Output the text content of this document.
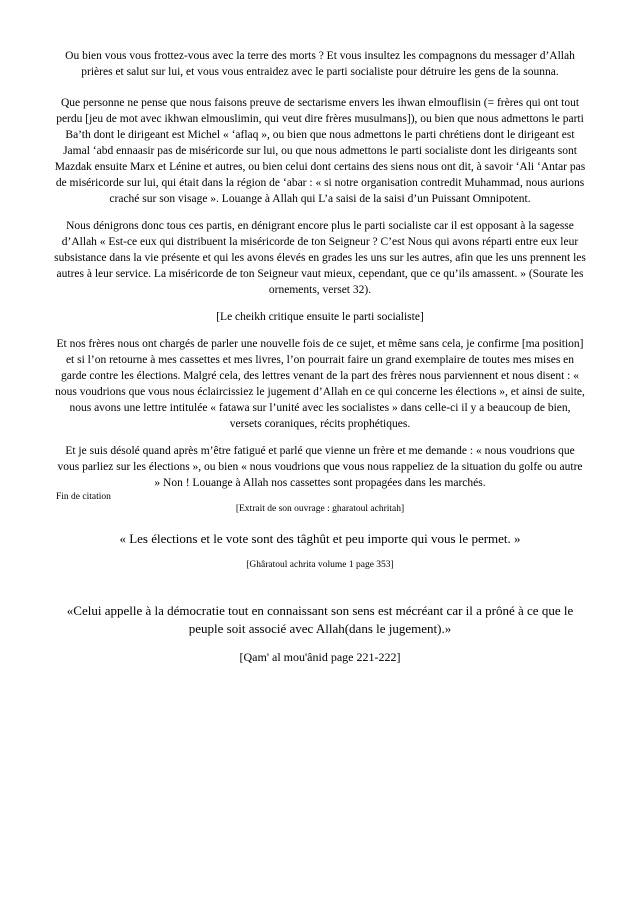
Ou bien vous vous frottez-vous avec la terre des morts ? Et vous insultez les compagnons du messager d’Allah prières et salut sur lui, et vous vous entraidez avec le parti socialiste pour détruire les gens de la sounna.

Que personne ne pense que nous faisons preuve de sectarisme envers les ihwan elmouflisin (= frères qui ont tout perdu [jeu de mot avec ikhwan elmouslimin, qui veut dire frères musulmans]), ou bien que nous admettons le parti Ba’th dont le dirigeant est Michel « ‘aflaq », ou bien que nous admettons le parti chrétiens dont le dirigeant est Jamal ‘abd ennaasir pas de miséricorde sur lui, ou que nous admettons le parti socialiste dont les dirigeants sont Mazdak ensuite Marx et Lénine et autres, ou bien celui dont certains des siens nous ont dit, à savoir ‘Ali ‘Antar pas de miséricorde sur lui, qui était dans la région de ‘abar : « si notre organisation contredit Muhammad, nous aurions craché sur son visage ». Louange à Allah qui L’a saisi de la saisi d’un Puissant Omnipotent.

Nous dénigrons donc tous ces partis, en dénigrant encore plus le parti socialiste car il est opposant à la sagesse d’Allah « Est-ce eux qui distribuent la miséricorde de ton Seigneur ? C’est Nous qui avons réparti entre eux leur subsistance dans la vie présente et qui les avons élevés en grades les uns sur les autres, afin que les uns prennent les autres à leur service. La miséricorde de ton Seigneur vaut mieux, cependant, que ce qu’ils amassent. » (Sourate les ornements, verset 32).

[Le cheikh critique ensuite le parti socialiste]

Et nos frères nous ont chargés de parler une nouvelle fois de ce sujet, et même sans cela, je confirme [ma position] et si l’on retourne à mes cassettes et mes livres, l’on pourrait faire un grand exemplaire de toutes mes mises en garde contre les élections. Malgré cela, des lettres venant de la part des frères nous parviennent et nous disent : « nous voudrions que vous nous éclaircissiez le jugement d’Allah en ce qui concerne les élections », et ainsi de suite, nous avons une lettre intitulée « fatawa sur l’unité avec les socialistes » dans celle-ci il y a beaucoup de bien, versets coraniques, récits prophétiques.

Et je suis désolé quand après m’être fatigué et parlé que vienne un frère et me demande : « nous voudrions que vous parliez sur les élections », ou bien « nous voudrions que vous nous rappeliez de la situation du golfe ou autre » Non ! Louange à Allah nos cassettes sont propagées dans les marchés.

Fin de citation

[Extrait de son ouvrage : gharatoul achritah]

« Les élections et le vote sont des tâghût et peu importe qui vous le permet. »

[Ghâratoul achrita volume 1 page 353]

«Celui appelle à la démocratie tout en connaissant son sens est mécréant car il a prôné à ce que le peuple soit associé avec Allah(dans le jugement).»

[Qam' al mou'ânid page 221-222]
